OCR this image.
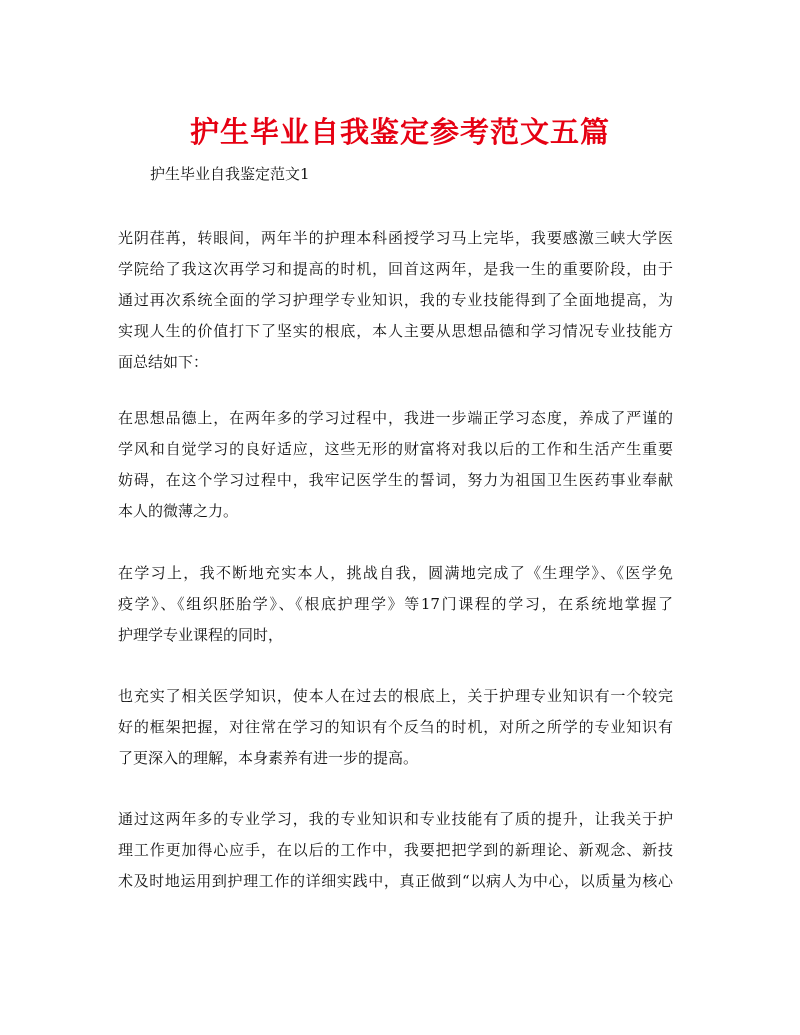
护生毕业自我鉴定参考范文五篇

护生毕业自我鉴定范文1

光阴荏苒，转眼间，两年半的护理本科函授学习马上完毕，我要感激三峡大学医
学院给了我这次再学习和提高的时机，回首这两年，是我一生的重要阶段，由于
通过再次系统全面的学习护理学专业知识，我的专业技能得到了全面地提高，为
实现人生的价值打下了坚实的根底，本人主要从思想品德和学习情况专业技能方
面总结如下：
在思想品德上，在两年多的学习过程中，我进一步端正学习态度，养成了严谨的
学风和自觉学习的良好适应，这些无形的财富将对我以后的工作和生活产生重要
妨碍，在这个学习过程中，我牢记医学生的誓词，努力为祖国卫生医药事业奉献
本人的微薄之力。
在学习上，我不断地充实本人，挑战自我，圆满地完成了《生理学》、《医学免
疫学》、《组织胚胎学》、《根底护理学》等17门课程的学习，在系统地掌握了
护理学专业课程的同时，
也充实了相关医学知识，使本人在过去的根底上，关于护理专业知识有一个较完
好的框架把握，对往常在学习的知识有个反刍的时机，对所之所学的专业知识有
了更深入的理解，本身素养有进一步的提高。
通过这两年多的专业学习，我的专业知识和专业技能有了质的提升，让我关于护
理工作更加得心应手，在以后的工作中，我要把把学到的新理论、新观念、新技
术及时地运用到护理工作的详细实践中，真正做到“以病人为中心，以质量为核心
